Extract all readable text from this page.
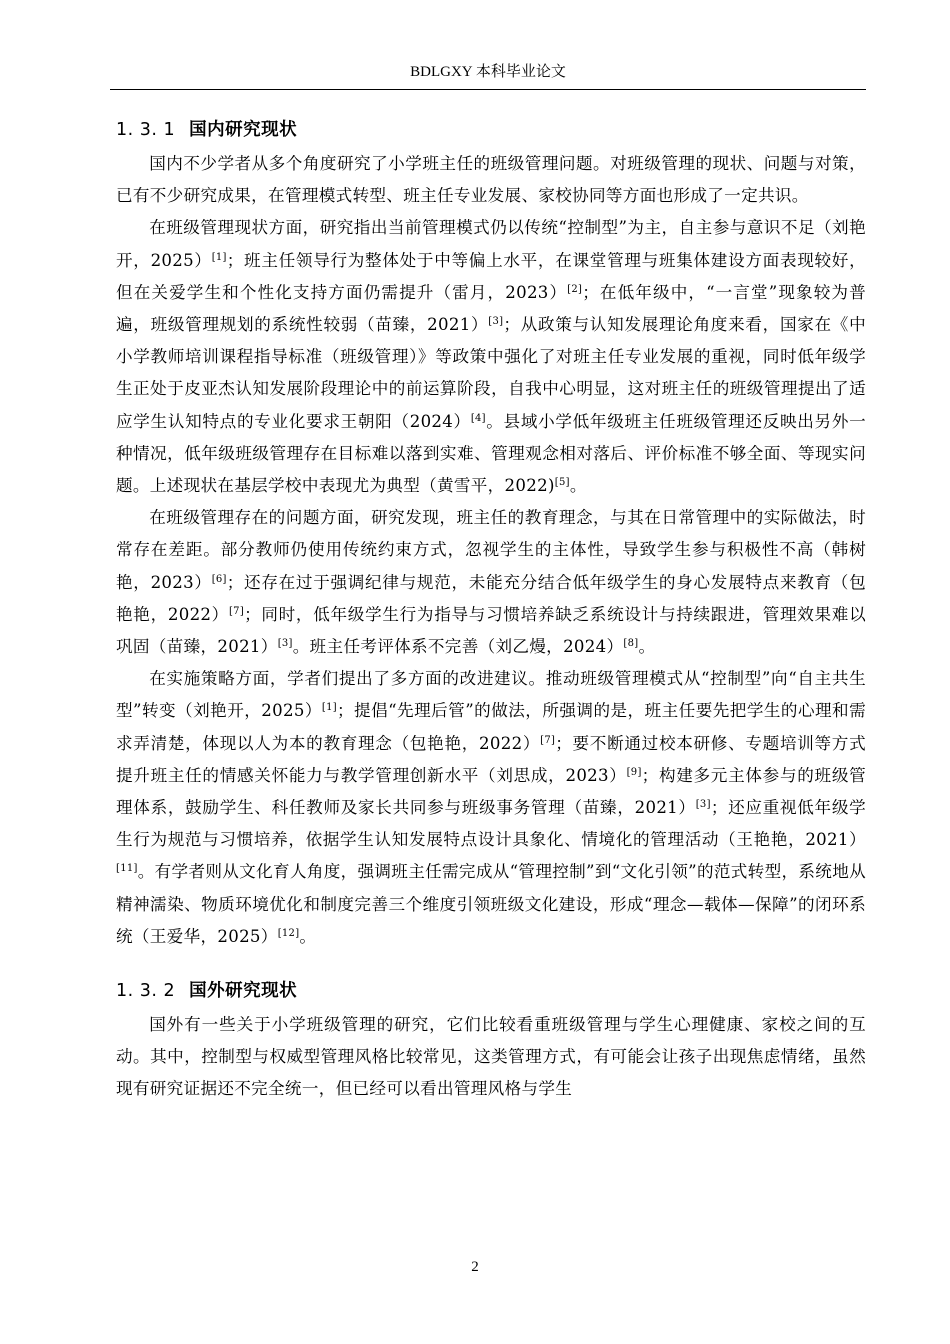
BDLGXY 本科毕业论文
1. 3. 1 国内研究现状

国内不少学者从多个角度研究了小学班主任的班级管理问题。对班级管理的现状、问题与对策，已有不少研究成果，在管理模式转型、班主任专业发展、家校协同等方面也形成了一定共识。

在班级管理现状方面，研究指出当前管理模式仍以传统“控制型”为主，自主参与意识不足（刘艳开，2025）[1]；班主任领导行为整体处于中等偏上水平，在课堂管理与班集体建设方面表现较好，但在关爱学生和个性化支持方面仍需提升（雷月，2023）[2]；在低年级中，“一言堂”现象较为普遍，班级管理规划的系统性较弱（苗臻，2021）[3]；从政策与认知发展理论角度来看，国家在《中小学教师培训课程指导标准（班级管理）》等政策中强化了对班主任专业发展的重视，同时低年级学生正处于皮亚杰认知发展阶段理论中的前运算阶段，自我中心明显，这对班主任的班级管理提出了适应学生认知特点的专业化要求王朝阳（2024）[4]。县域小学低年级班主任班级管理还反映出另外一种情况，低年级班级管理存在目标难以落到实难、管理观念相对落后、评价标准不够全面、等现实问题。上述现状在基层学校中表现尤为典型（黄雪平，2022)[5]。

在班级管理存在的问题方面，研究发现，班主任的教育理念，与其在日常管理中的实际做法，时常存在差距。部分教师仍使用传统约束方式，忽视学生的主体性，导致学生参与积极性不高（韩树艳，2023）[6]；还存在过于强调纪律与规范，未能充分结合低年级学生的身心发展特点来教育（包艳艳，2022）[7]；同时，低年级学生行为指导与习惯培养缺乏系统设计与持续跟进，管理效果难以巩固（苗臻，2021）[3]。班主任考评体系不完善（刘乙熳，2024）[8]。

在实施策略方面，学者们提出了多方面的改进建议。推动班级管理模式从“控制型”向“自主共生型”转变（刘艳开，2025）[1]；提倡“先理后管”的做法，所强调的是，班主任要先把学生的心理和需求弄清楚，体现以人为本的教育理念（包艳艳，2022）[7]；要不断通过校本研修、专题培训等方式提升班主任的情感关怀能力与教学管理创新水平（刘思成，2023）[9]；构建多元主体参与的班级管理体系，鼓励学生、科任教师及家长共同参与班级事务管理（苗臻，2021）[3]；还应重视低年级学生行为规范与习惯培养，依据学生认知发展特点设计具象化、情境化的管理活动（王艳艳，2021）[11]。有学者则从文化育人角度，强调班主任需完成从“管理控制”到“文化引领”的范式转型，系统地从精神濡染、物质环境优化和制度完善三个维度引领班级文化建设，形成“理念—载体—保障”的闭环系统（王爱华，2025）[12]。

1. 3. 2 国外研究现状

国外有一些关于小学班级管理的研究，它们比较看重班级管理与学生心理健康、家校之间的互动。其中，控制型与权威型管理风格比较常见，这类管理方式，有可能会让孩子出现焦虑情绪，虽然现有研究证据还不完全统一，但已经可以看出管理风格与学生

2
